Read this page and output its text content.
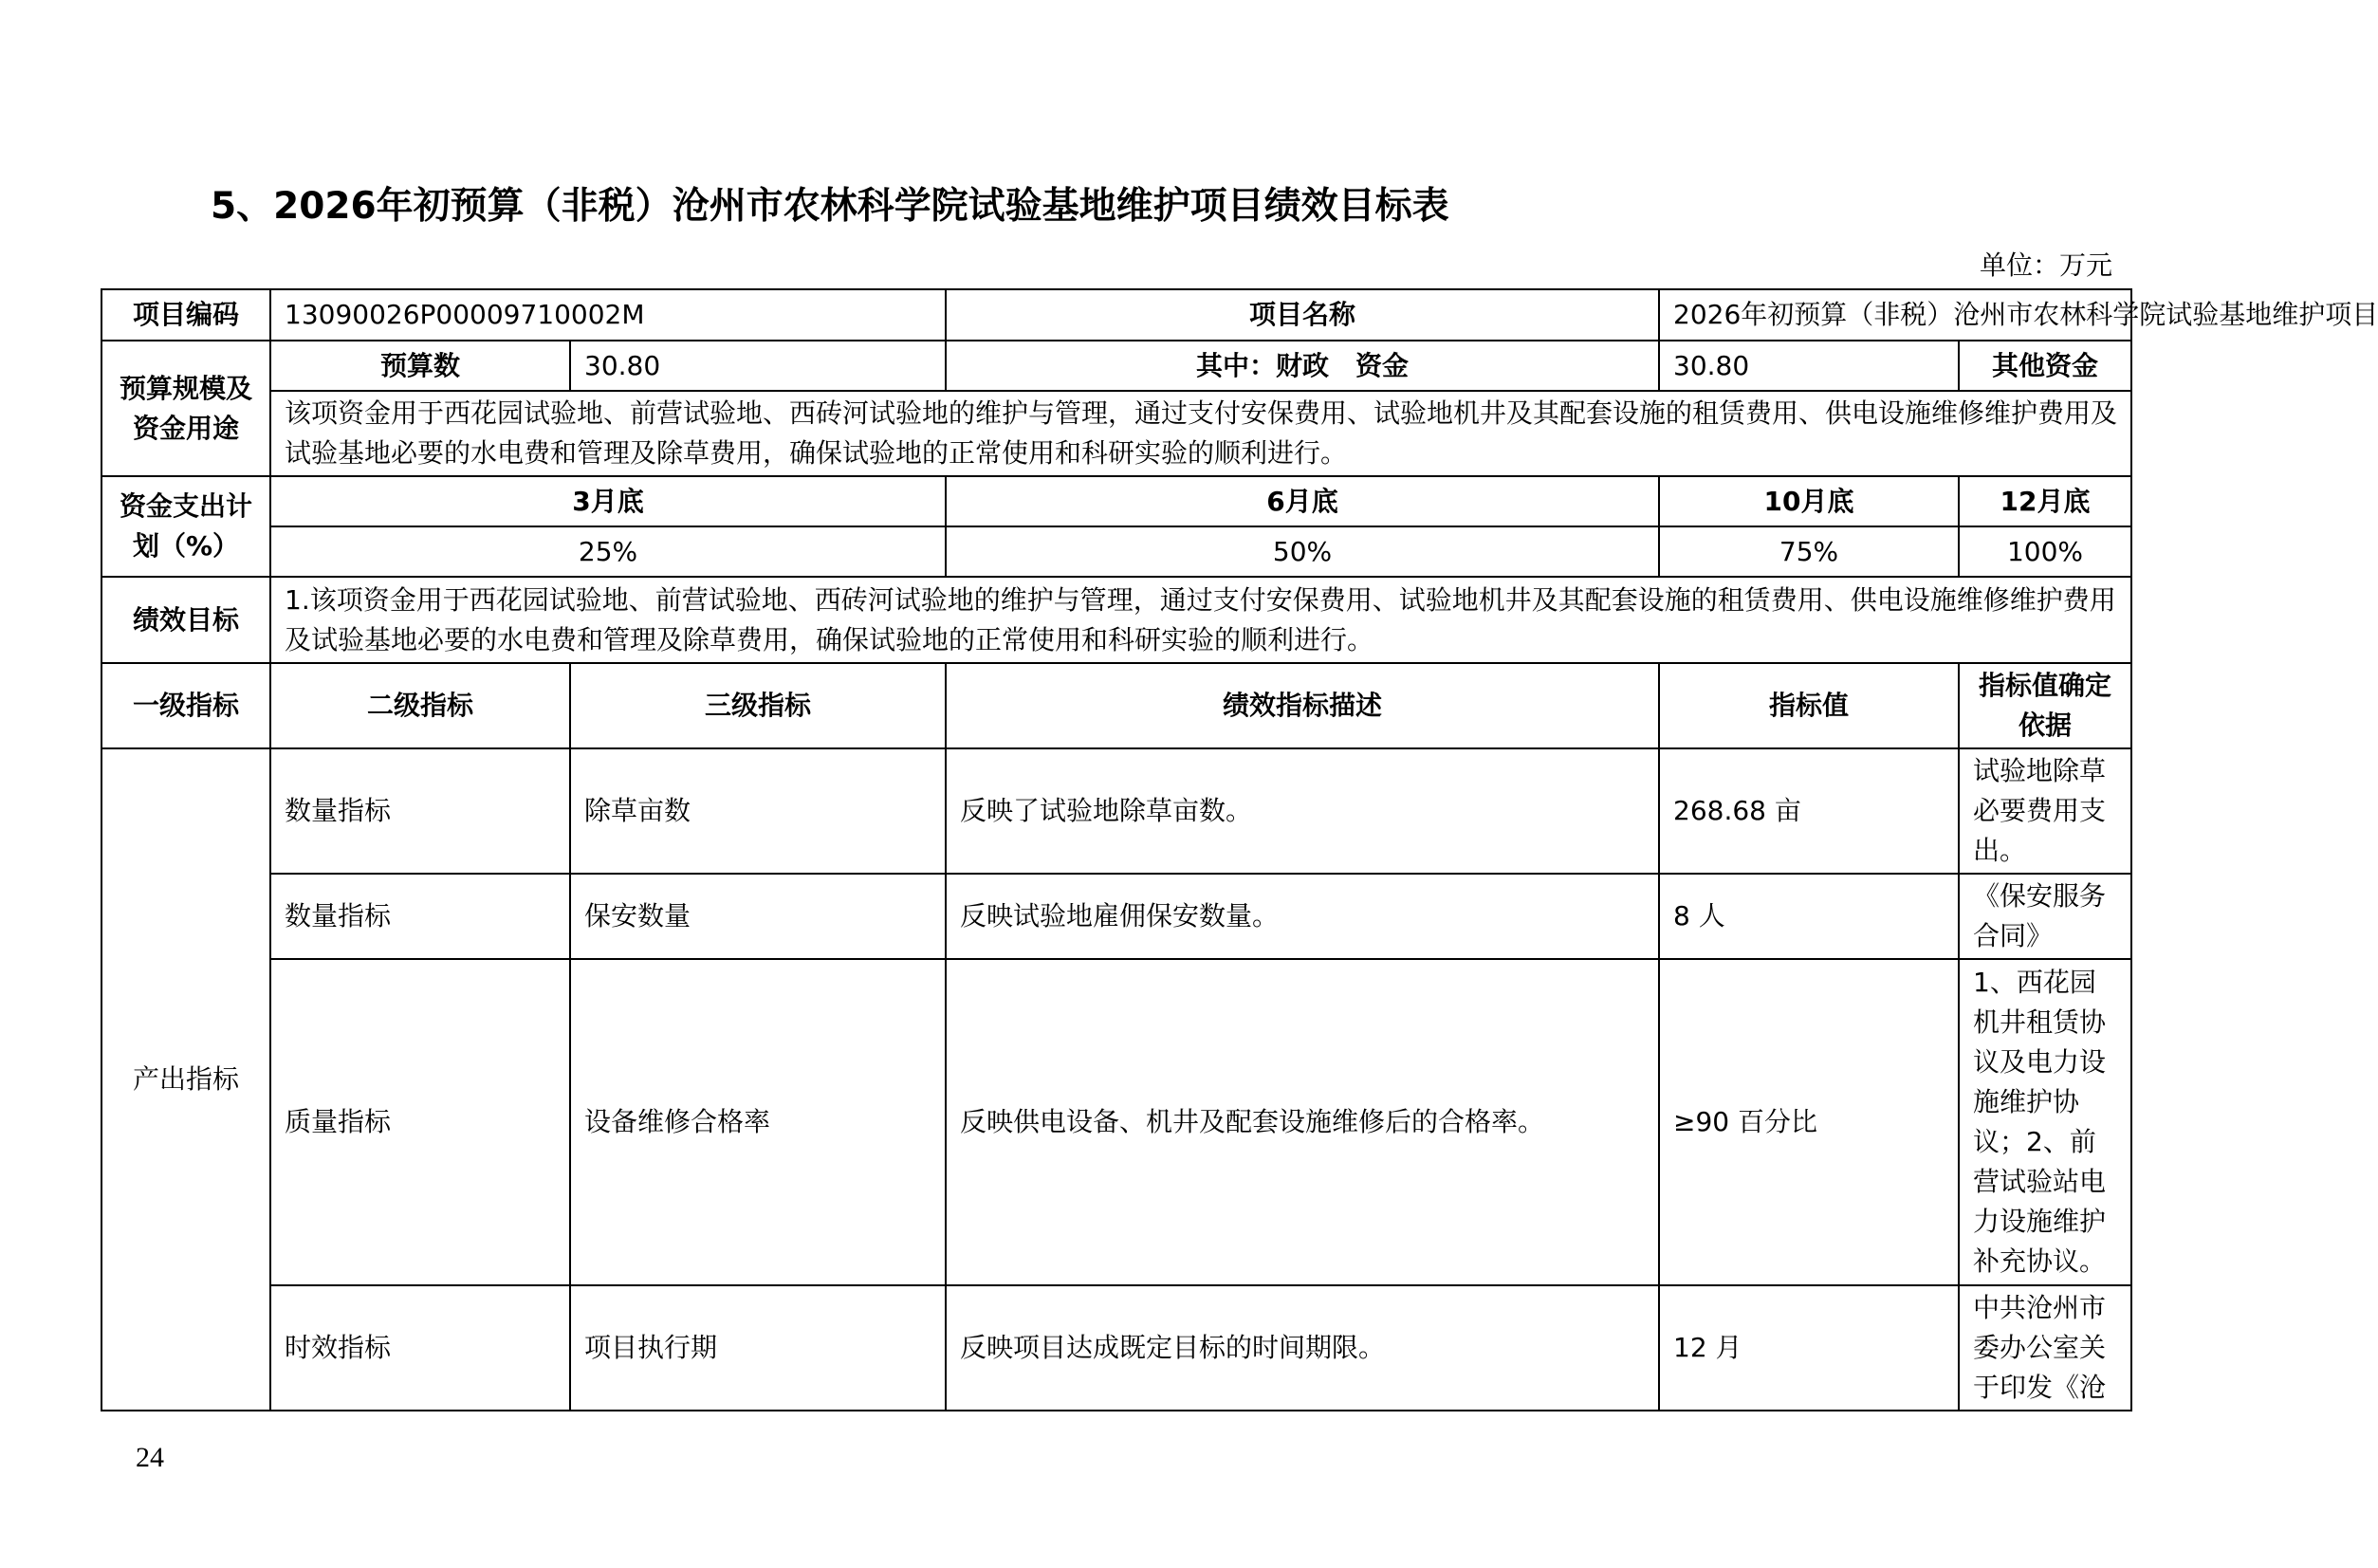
5、2026年初预算（非税）沧州市农林科学院试验基地维护项目绩效目标表
单位：万元
项目编码	13090026P00009710002M		项目名称	2026年初预算（非税）沧州市农林科学院试验基地维护项目	
预算规模及资金用途	预算数	30.80	其中：财政　资金	30.80	其他资金
	该项资金用于西花园试验地、前营试验地、西砖河试验地的维护与管理，通过支付安保费用、试验地机井及其配套设施的租赁费用、供电设施维修维护费用及试验基地必要的水电费和管理及除草费用，确保试验地的正常使用和科研实验的顺利进行。				
资金支出计划（%）	3月底		6月底	10月底	12月底
	25%		50%	75%	100%
绩效目标	1.该项资金用于西花园试验地、前营试验地、西砖河试验地的维护与管理，通过支付安保费用、试验地机井及其配套设施的租赁费用、供电设施维修维护费用及试验基地必要的水电费和管理及除草费用，确保试验地的正常使用和科研实验的顺利进行。				
一级指标	二级指标	三级指标	绩效指标描述	指标值	指标值确定依据
产出指标	数量指标	除草亩数	反映了试验地除草亩数。	268.68 亩	试验地除草必要费用支出。
	数量指标	保安数量	反映试验地雇佣保安数量。	8 人	《保安服务合同》
	质量指标	设备维修合格率	反映供电设备、机井及配套设施维修后的合格率。	≥90 百分比	1、西花园机井租赁协议及电力设施维护协议；2、前营试验站电力设施维护补充协议。
	时效指标	项目执行期	反映项目达成既定目标的时间期限。	12 月	中共沧州市委办公室关于印发《沧
24
